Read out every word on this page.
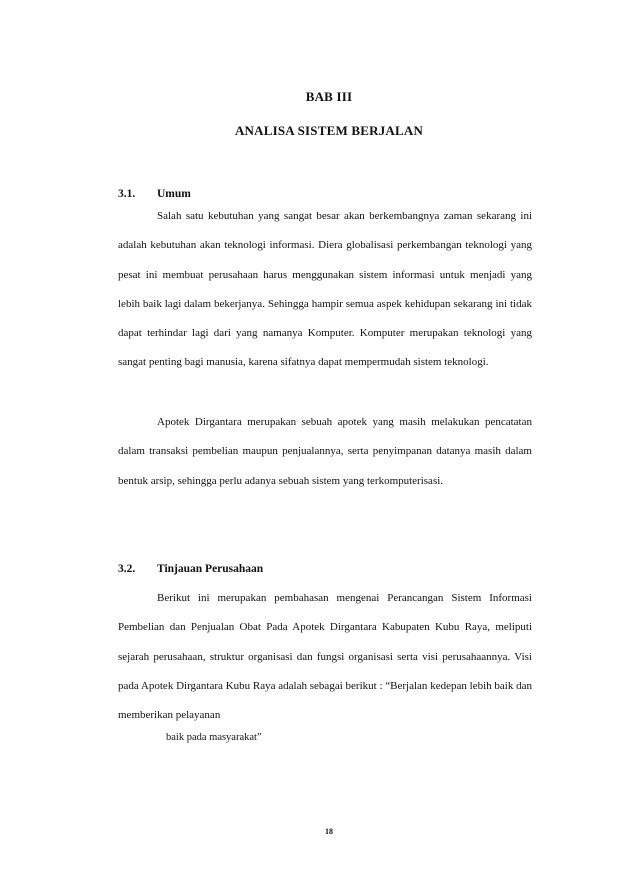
BAB III
ANALISA SISTEM BERJALAN
3.1. Umum

Salah satu kebutuhan yang sangat besar akan berkembangnya zaman sekarang ini adalah kebutuhan akan teknologi informasi. Diera globalisasi perkembangan teknologi yang pesat ini membuat perusahaan harus menggunakan sistem informasi untuk menjadi yang lebih baik lagi dalam bekerjanya. Sehingga hampir semua aspek kehidupan sekarang ini tidak dapat terhindar lagi dari yang namanya Komputer. Komputer merupakan teknologi yang sangat penting bagi manusia, karena sifatnya dapat mempermudah sistem teknologi.

Apotek Dirgantara merupakan sebuah apotek yang masih melakukan pencatatan dalam transaksi pembelian maupun penjualannya, serta penyimpanan datanya masih dalam bentuk arsip, sehingga perlu adanya sebuah sistem yang terkomputerisasi.

3.2. Tinjauan Perusahaan

Berikut ini merupakan pembahasan mengenai Perancangan Sistem Informasi Pembelian dan Penjualan Obat Pada Apotek Dirgantara Kabupaten Kubu Raya, meliputi sejarah perusahaan, struktur organisasi dan fungsi organisasi serta visi perusahaannya. Visi pada Apotek Dirgantara Kubu Raya adalah sebagai berikut : “Berjalan kedepan lebih baik dan memberikan pelayanan

baik pada masyarakat”
18
